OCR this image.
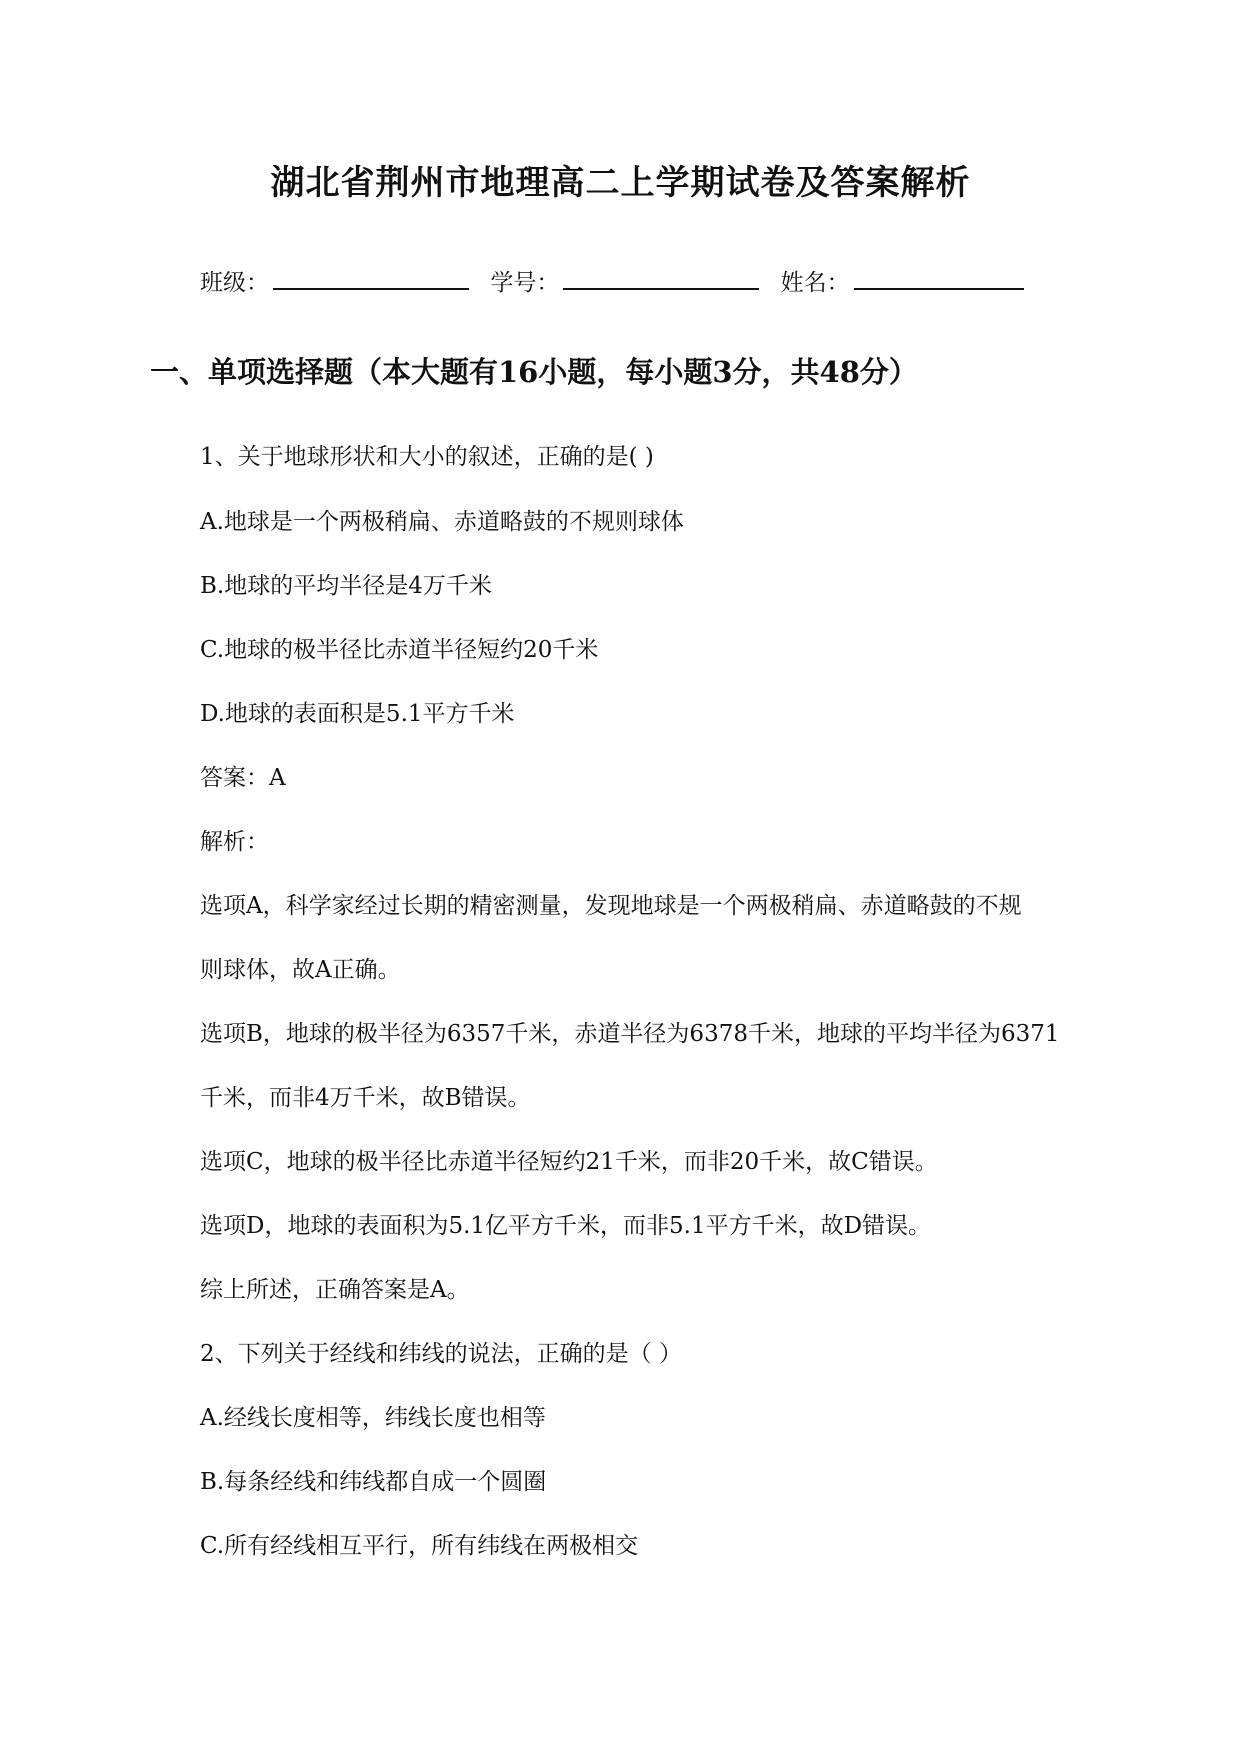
湖北省荆州市地理高二上学期试卷及答案解析
班级：	学号：	姓名：
一、单项选择题（本大题有16小题，每小题3分，共48分）
1、关于地球形状和大小的叙述，正确的是( )
A.地球是一个两极稍扁、赤道略鼓的不规则球体
B.地球的平均半径是4万千米
C.地球的极半径比赤道半径短约20千米
D.地球的表面积是5.1平方千米
答案：A
解析：
选项A，科学家经过长期的精密测量，发现地球是一个两极稍扁、赤道略鼓的不规
则球体，故A正确。
选项B，地球的极半径为6357千米，赤道半径为6378千米，地球的平均半径为6371
千米，而非4万千米，故B错误。
选项C，地球的极半径比赤道半径短约21千米，而非20千米，故C错误。
选项D，地球的表面积为5.1亿平方千米，而非5.1平方千米，故D错误。
综上所述，正确答案是A。
2、下列关于经线和纬线的说法，正确的是（ ）
A.经线长度相等，纬线长度也相等
B.每条经线和纬线都自成一个圆圈
C.所有经线相互平行，所有纬线在两极相交
